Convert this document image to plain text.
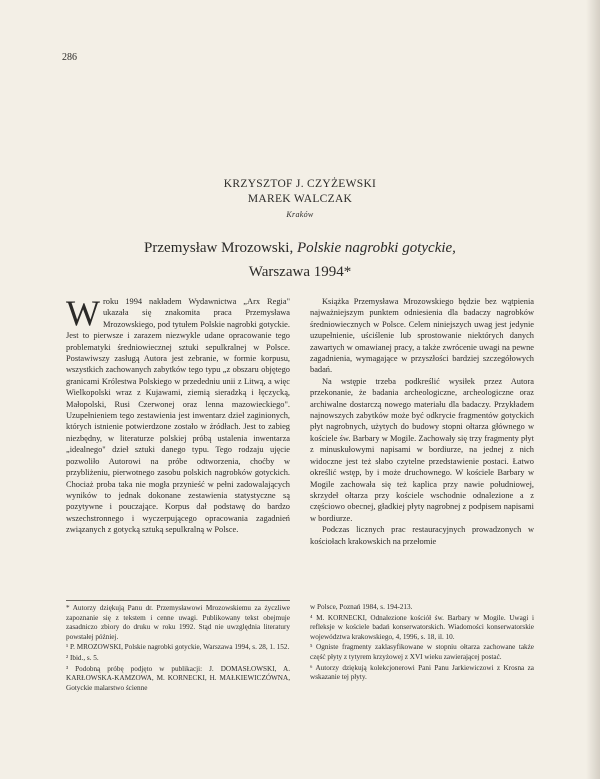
286
KRZYSZTOF J. CZYŻEWSKI
MAREK WALCZAK
Kraków
Przemysław Mrozowski, Polskie nagrobki gotyckie,
Warszawa 1994*

Wroku 1994 nakładem Wydawnictwa „Arx Regia" ukazała się znakomita praca Przemysława Mrozowskiego, pod tytułem Polskie nagrobki gotyckie. Jest to pierwsze i zarazem niezwykle udane opracowanie tego problematyki średniowiecznej sztuki sepulkralnej w Polsce. Postawiwszy zasługą Autora jest zebranie, w formie korpusu, wszystkich zachowanych zabytków tego typu „z obszaru objętego granicami Królestwa Polskiego w przededniu unii z Litwą, a więc Wielkopolski wraz z Kujawami, ziemią sieradzką i łęczycką, Małopolski, Rusi Czerwonej oraz lenna mazowieckiego". Uzupełnieniem tego zestawienia jest inwentarz dzieł zaginionych, których istnienie potwierdzone zostało w źródłach. Jest to zabieg niezbędny, w literaturze polskiej próbą ustalenia inwentarza „idealnego" dzieł sztuki danego typu. Tego rodzaju ujęcie pozwoliło Autorowi na próbe odtworzenia, choćby w przybliżeniu, pierwotnego zasobu polskich nagrobków gotyckich. Chociaż proba taka nie mogła przynieść w pełni zadowalających wyników to jednak dokonane zestawienia statystyczne są pozytywne i pouczające. Korpus dał podstawę do bardzo wszechstronnego i wyczerpującego opracowania zagadnień związanych z gotycką sztuką sepulkralną w Polsce.

Książka Przemysława Mrozowskiego będzie bez wątpienia najważniejszym punktem odniesienia dla badaczy nagrobków średniowiecznych w Polsce. Celem niniejszych uwag jest jedynie uzupełnienie, uściślenie lub sprostowanie niektórych danych zawartych w omawianej pracy, a także zwrócenie uwagi na pewne zagadnienia, wymagające w przyszłości bardziej szczegółowych badań.

Na wstępie trzeba podkreślić wysiłek przez Autora przekonanie, że badania archeologiczne, archeologiczne oraz archiwalne dostarczą nowego materiału dla badaczy. Przykładem najnowszych zabytków może być odkrycie fragmentów gotyckich płyt nagrobnych, użytych do budowy stopni ołtarza głównego w kościele św. Barbary w Mogile. Zachowały się trzy fragmenty płyt z minuskułowymi napisami w bordiurze, na jednej z nich widoczne jest też słabo czytelne przedstawienie postaci. Łatwo określić wstęp, by i może druchownego. W kościele Barbary w Mogile zachowała się też kaplica przy nawie południowej, skrzydeł ołtarza przy kościele wschodnie odnalezione a z częściowo obecnej, gładkiej płyty nagrobnej z podpisem napisami w bordiurze.

Podczas licznych prac restauracyjnych prowadzonych w kościołach krakowskich na przełomie

* Autorzy dziękują Panu dr. Przemysławowi Mrozowskiemu za życzliwe zapoznanie się z tekstem i cenne uwagi. Publikowany tekst obejmuje zasadniczo zbiory do druku w roku 1992. Stąd nie uwzględnia literatury powstałej później.

¹ P. MROZOWSKI, Polskie nagrobki gotyckie, Warszawa 1994, s. 28, 1. 152.

² Ibid., s. 5.

³ Podobną próbę podjęto w publikacji: J. DOMASŁOWSKI, A. KARŁOWSKA-KAMZOWA, M. KORNECKI, H. MAŁKIEWICZÓWNA, Gotyckie malarstwo ścienne

w Polsce, Poznań 1984, s. 194-213.

⁴ M. KORNECKI, Odnalezione kościół św. Barbary w Mogile. Uwagi i refleksje w kościele badań konserwatorskich. Wiadomości konserwatorskie województwa krakowskiego, 4, 1996, s. 18, il. 10.

⁵ Ogniste fragmenty zaklasyfikowane w stopniu ołtarza zachowane także część płyty z tytyrem krzyżowej z XVI wieku zawierającej postać.

⁶ Autorzy dziękują kolekcjonerowi Pani Panu Jarkiewiczowi z Krosna za wskazanie tej płyty.
